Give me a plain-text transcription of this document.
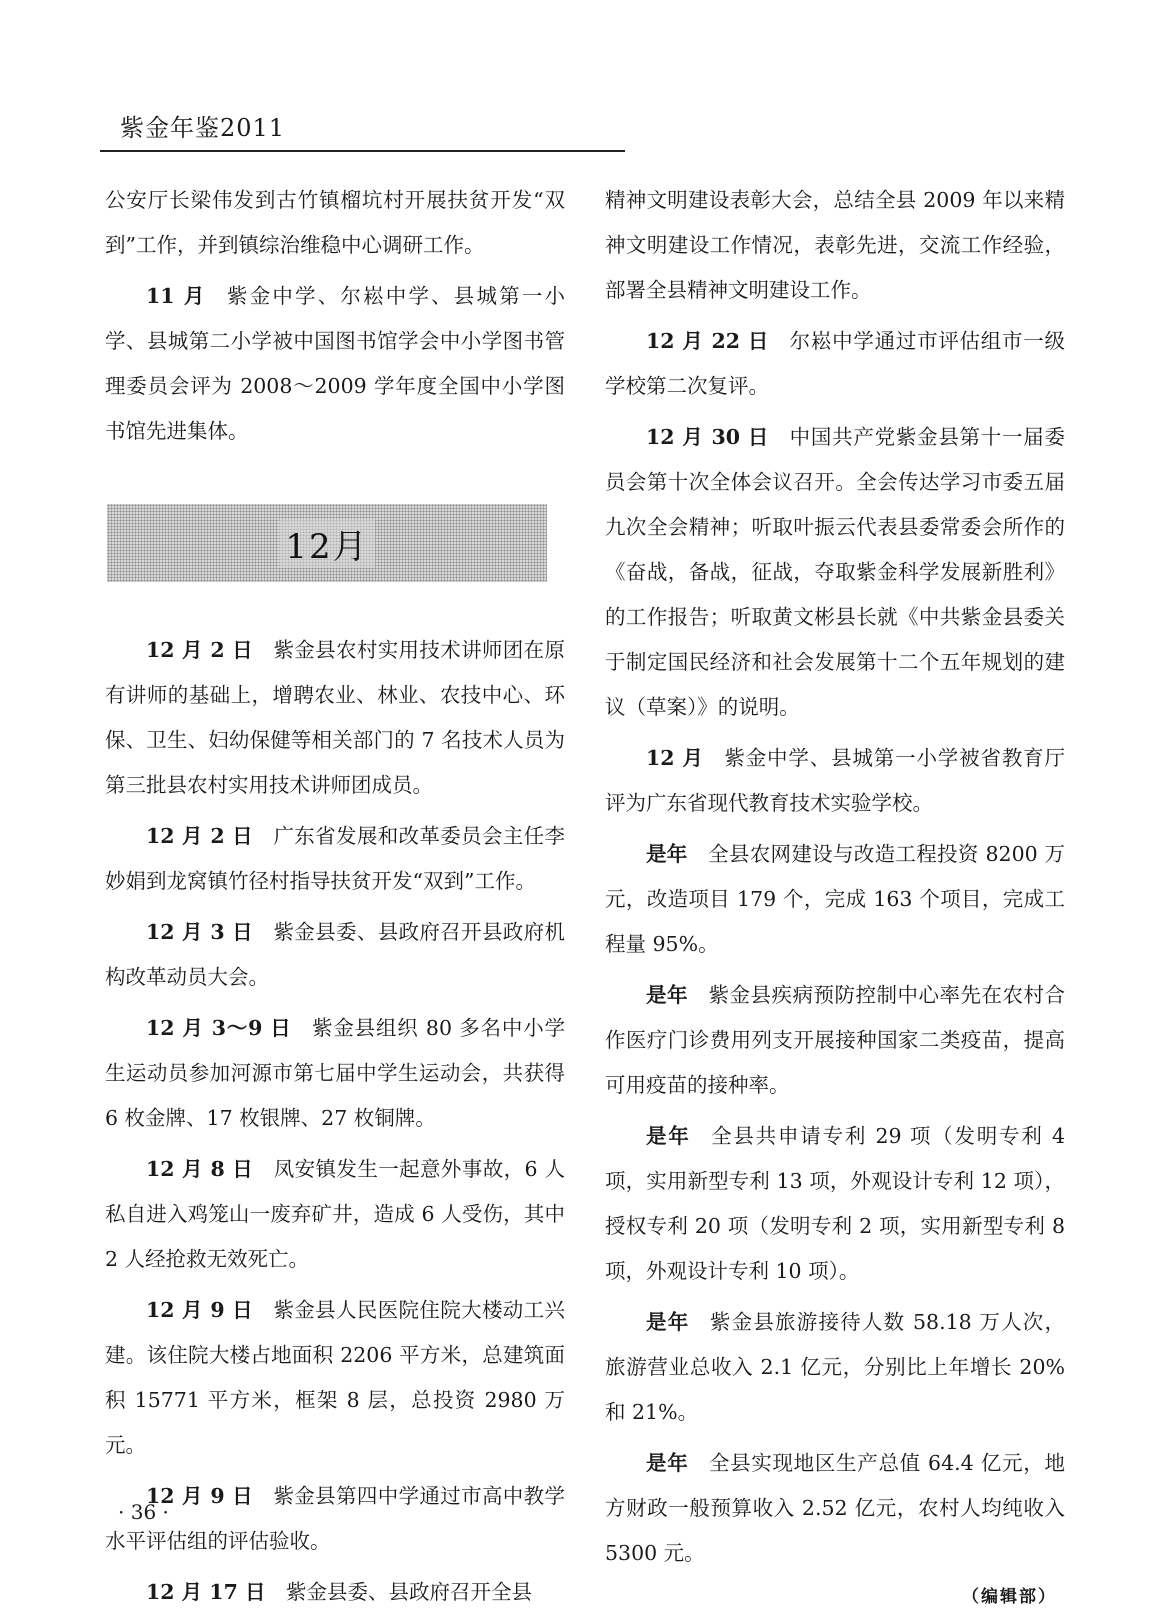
紫金年鉴2011

公安厅长梁伟发到古竹镇榴坑村开展扶贫开发“双到”工作，并到镇综治维稳中心调研工作。

11 月 紫金中学、尔崧中学、县城第一小学、县城第二小学被中国图书馆学会中小学图书管理委员会评为 2008～2009 学年度全国中小学图书馆先进集体。

12月

12 月 2 日 紫金县农村实用技术讲师团在原有讲师的基础上，增聘农业、林业、农技中心、环保、卫生、妇幼保健等相关部门的 7 名技术人员为第三批县农村实用技术讲师团成员。

12 月 2 日 广东省发展和改革委员会主任李妙娟到龙窝镇竹径村指导扶贫开发“双到”工作。

12 月 3 日 紫金县委、县政府召开县政府机构改革动员大会。

12 月 3～9 日 紫金县组织 80 多名中小学生运动员参加河源市第七届中学生运动会，共获得 6 枚金牌、17 枚银牌、27 枚铜牌。

12 月 8 日 凤安镇发生一起意外事故，6 人私自进入鸡笼山一废弃矿井，造成 6 人受伤，其中 2 人经抢救无效死亡。

12 月 9 日 紫金县人民医院住院大楼动工兴建。该住院大楼占地面积 2206 平方米，总建筑面积 15771 平方米，框架 8 层，总投资 2980 万元。

12 月 9 日 紫金县第四中学通过市高中教学水平评估组的评估验收。

12 月 17 日 紫金县委、县政府召开全县

精神文明建设表彰大会，总结全县 2009 年以来精神文明建设工作情况，表彰先进，交流工作经验，部署全县精神文明建设工作。

12 月 22 日 尔崧中学通过市评估组市一级学校第二次复评。

12 月 30 日 中国共产党紫金县第十一届委员会第十次全体会议召开。全会传达学习市委五届九次全会精神；听取叶振云代表县委常委会所作的《奋战，备战，征战，夺取紫金科学发展新胜利》的工作报告；听取黄文彬县长就《中共紫金县委关于制定国民经济和社会发展第十二个五年规划的建议（草案）》的说明。

12 月 紫金中学、县城第一小学被省教育厅评为广东省现代教育技术实验学校。

是年 全县农网建设与改造工程投资 8200 万元，改造项目 179 个，完成 163 个项目，完成工程量 95%。

是年 紫金县疾病预防控制中心率先在农村合作医疗门诊费用列支开展接种国家二类疫苗，提高可用疫苗的接种率。

是年 全县共申请专利 29 项（发明专利 4 项，实用新型专利 13 项，外观设计专利 12 项），授权专利 20 项（发明专利 2 项，实用新型专利 8 项，外观设计专利 10 项）。

是年 紫金县旅游接待人数 58.18 万人次，旅游营业总收入 2.1 亿元，分别比上年增长 20% 和 21%。

是年 全县实现地区生产总值 64.4 亿元，地方财政一般预算收入 2.52 亿元，农村人均纯收入 5300 元。

（编辑部）
· 36 ·
